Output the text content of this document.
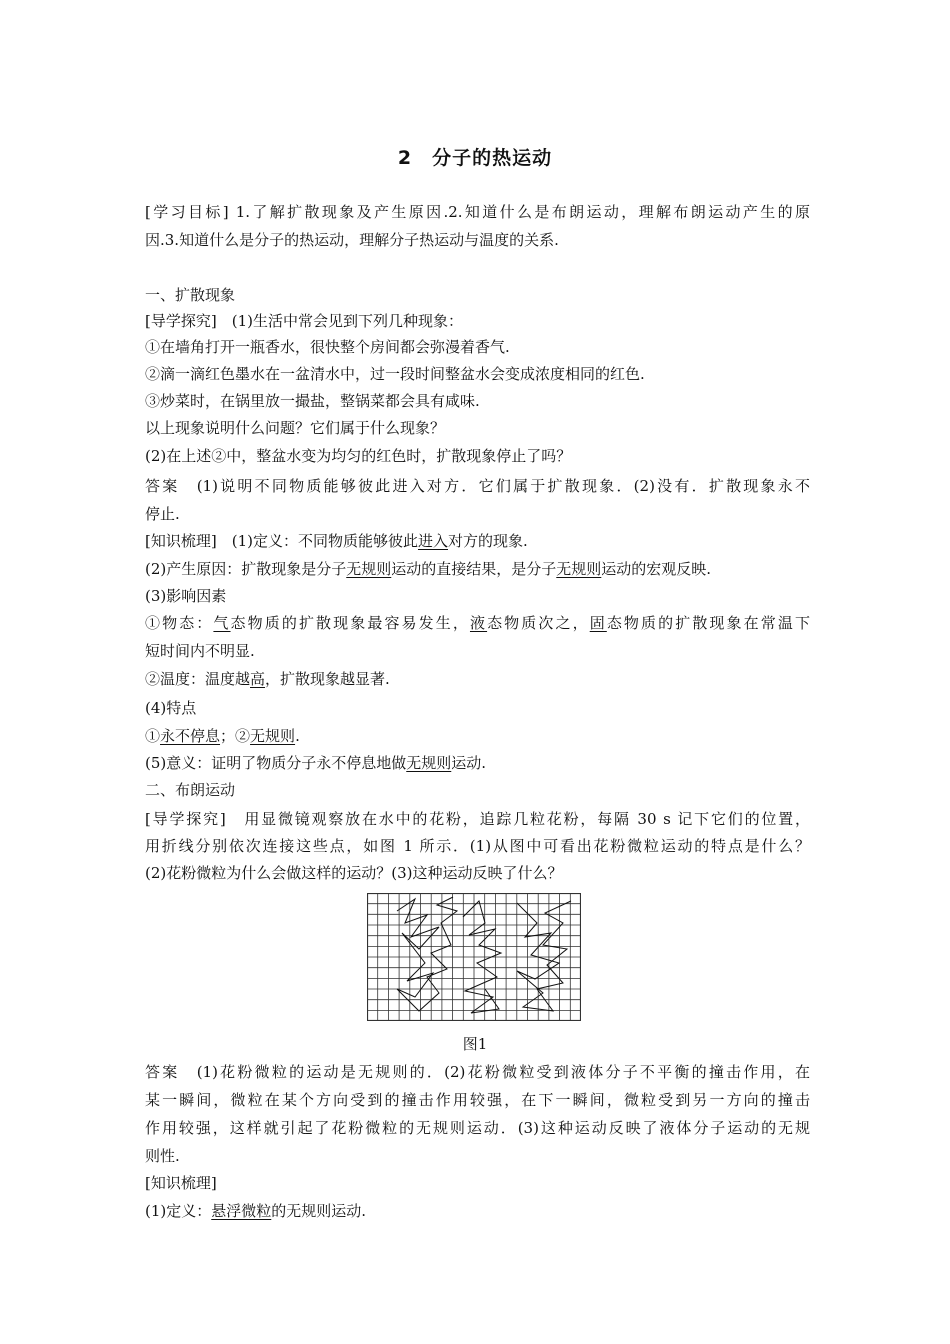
2　分子的热运动
[学习目标] 1.了解扩散现象及产生原因.2.知道什么是布朗运动，理解布朗运动产生的原
因.3.知道什么是分子的热运动，理解分子热运动与温度的关系.
一、扩散现象
[导学探究]　 (1)生活中常会见到下列几种现象：
①在墙角打开一瓶香水，很快整个房间都会弥漫着香气.
②滴一滴红色墨水在一盆清水中，过一段时间整盆水会变成浓度相同的红色.
③炒菜时，在锅里放一撮盐，整锅菜都会具有咸味.
以上现象说明什么问题？它们属于什么现象？
(2)在上述②中，整盆水变为均匀的红色时，扩散现象停止了吗？
答案　 (1)说明不同物质能够彼此进入对方．它们属于扩散现象．(2)没有．扩散现象永不
停止.
[知识梳理]　 (1)定义：不同物质能够彼此进入对方的现象.
(2)产生原因：扩散现象是分子无规则运动的直接结果，是分子无规则运动的宏观反映.
(3)影响因素
①物态：气态物质的扩散现象最容易发生，液态物质次之，固态物质的扩散现象在常温下
短时间内不明显.
②温度：温度越高，扩散现象越显著.
(4)特点
①永不停息；②无规则.
(5)意义：证明了物质分子永不停息地做无规则运动.
二、布朗运动
[导学探究]　 用显微镜观察放在水中的花粉，追踪几粒花粉，每隔 30 s 记下它们的位置，
用折线分别依次连接这些点，如图 1 所示．(1)从图中可看出花粉微粒运动的特点是什么？
(2)花粉微粒为什么会做这样的运动？(3)这种运动反映了什么？
图1
答案　 (1)花粉微粒的运动是无规则的．(2)花粉微粒受到液体分子不平衡的撞击作用，在
某一瞬间，微粒在某个方向受到的撞击作用较强，在下一瞬间，微粒受到另一方向的撞击
作用较强，这样就引起了花粉微粒的无规则运动．(3)这种运动反映了液体分子运动的无规
则性.
[知识梳理]
(1)定义：悬浮微粒的无规则运动.
